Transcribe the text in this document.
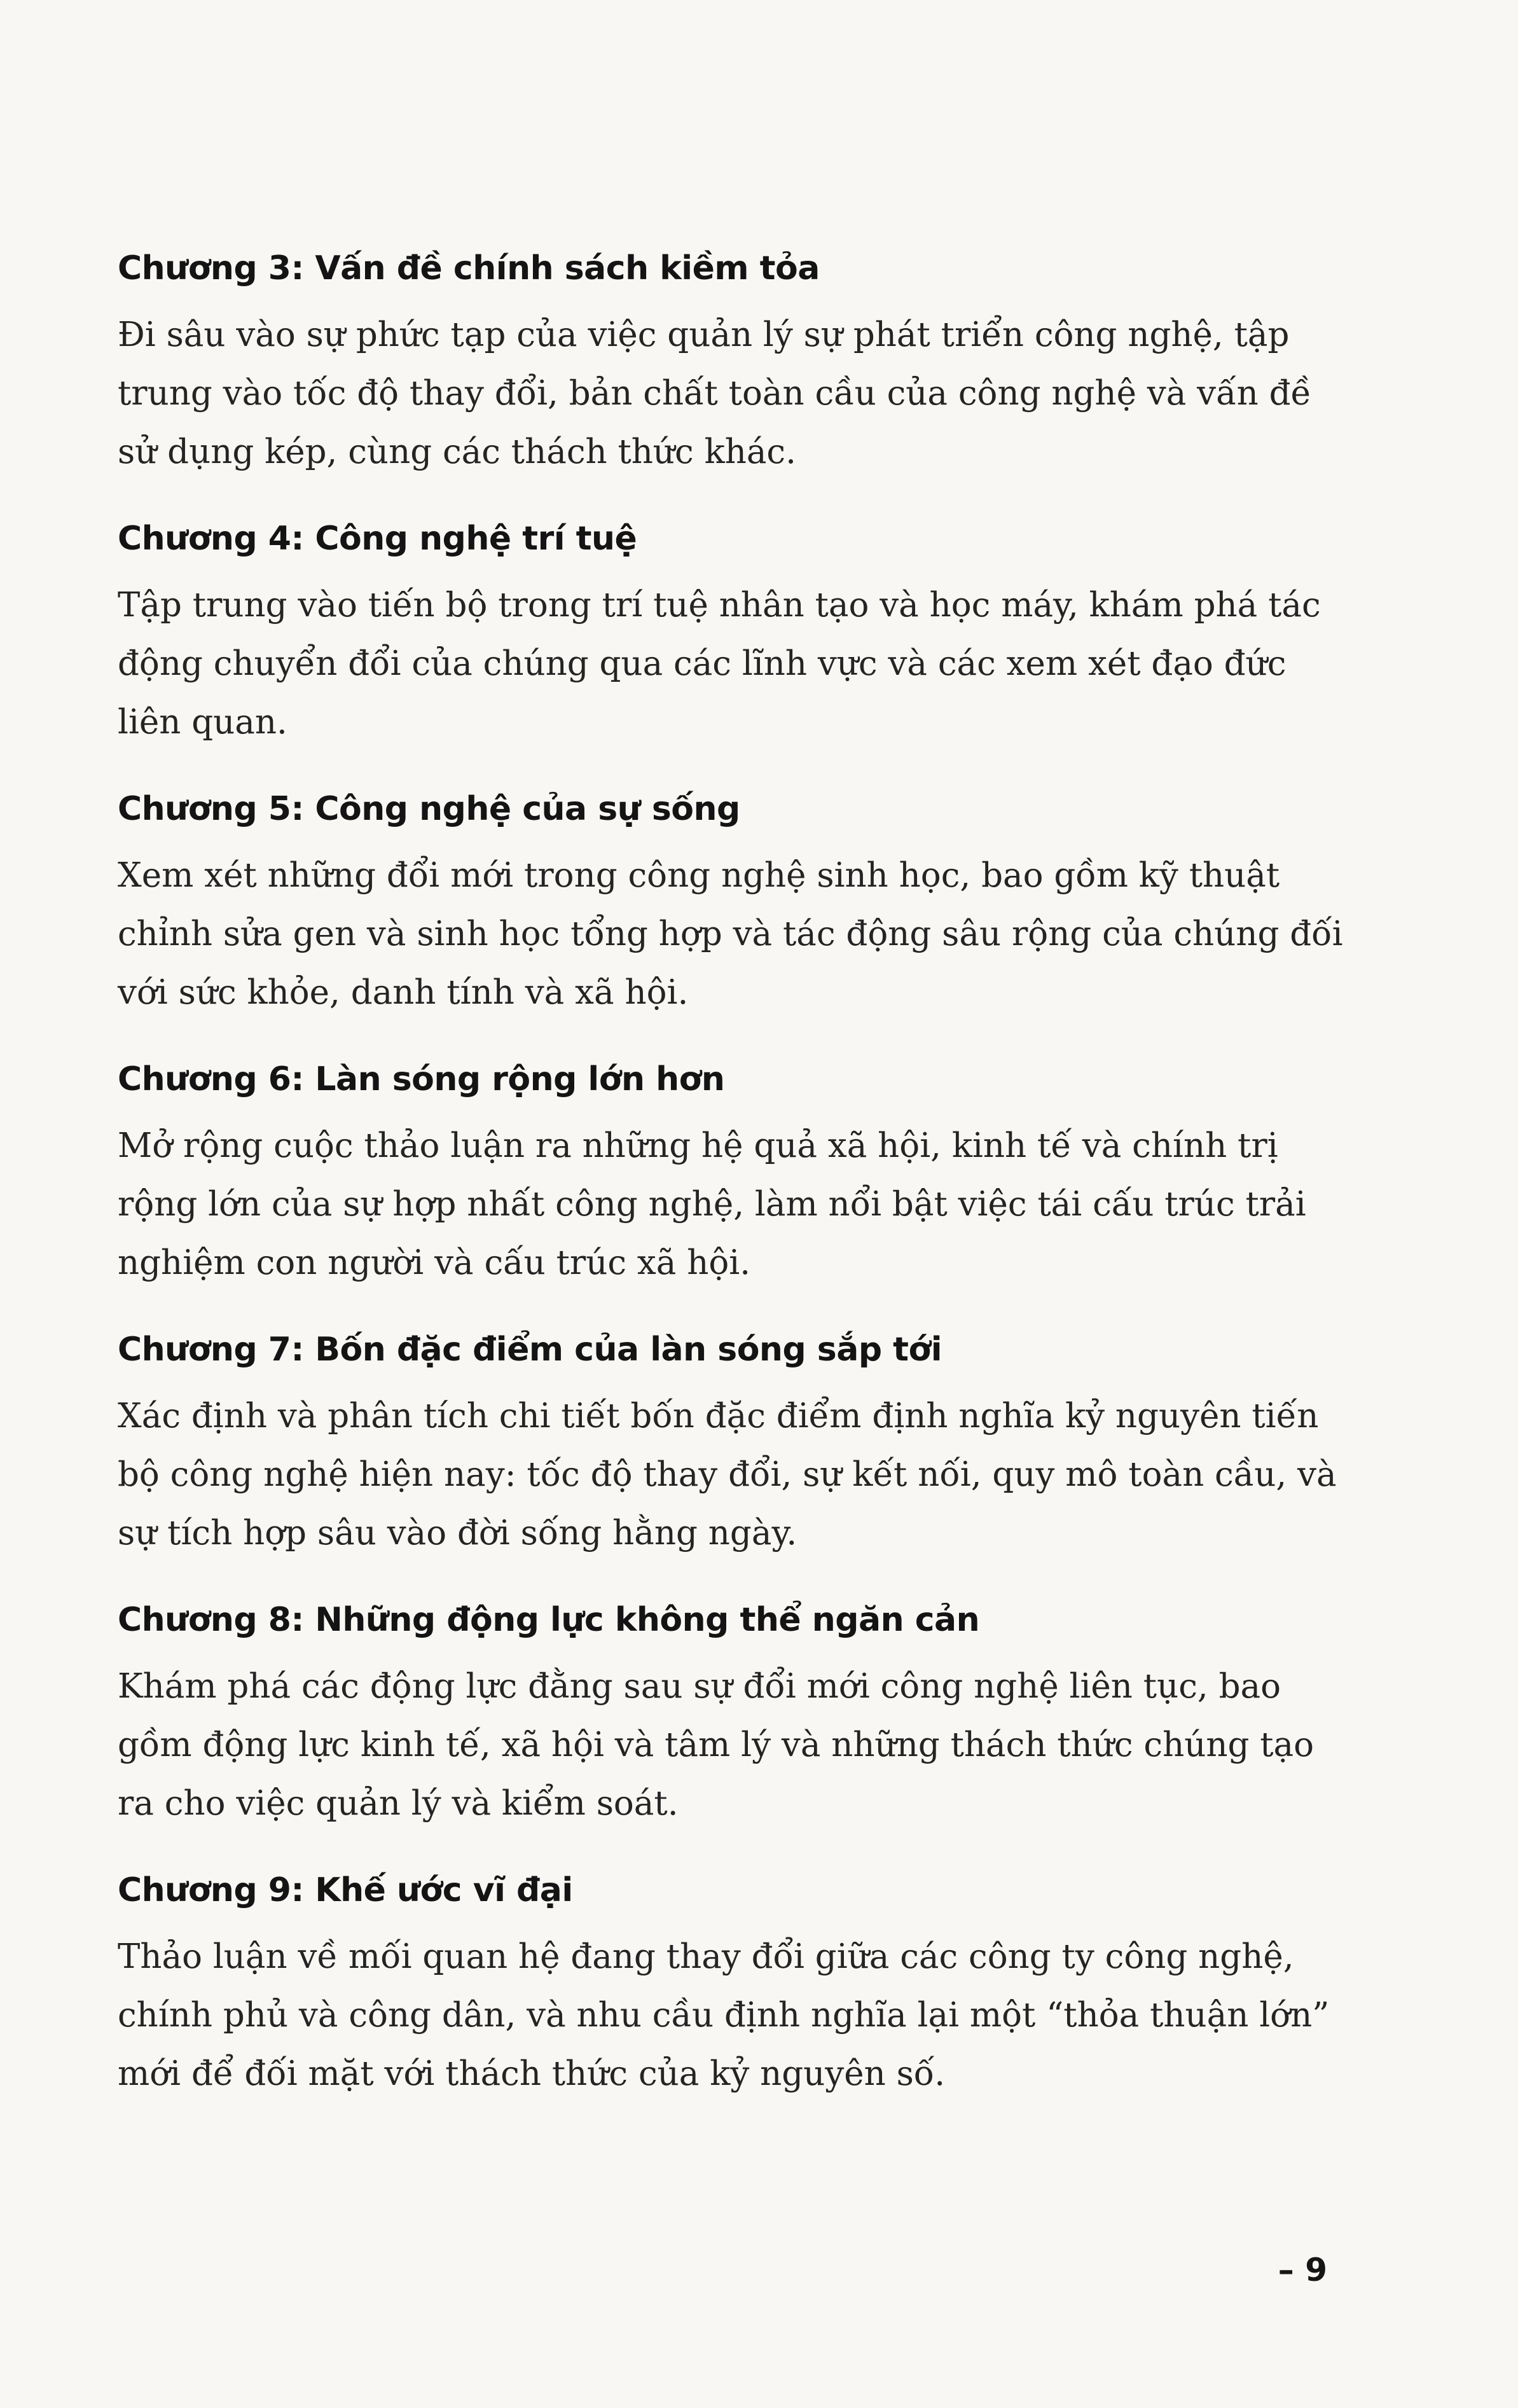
Chương 3: Vấn đề chính sách kiềm tỏa

Đi sâu vào sự phức tạp của việc quản lý sự phát triển công nghệ, tập trung vào tốc độ thay đổi, bản chất toàn cầu của công nghệ và vấn đề sử dụng kép, cùng các thách thức khác.

Chương 4: Công nghệ trí tuệ

Tập trung vào tiến bộ trong trí tuệ nhân tạo và học máy, khám phá tác động chuyển đổi của chúng qua các lĩnh vực và các xem xét đạo đức liên quan.

Chương 5: Công nghệ của sự sống

Xem xét những đổi mới trong công nghệ sinh học, bao gồm kỹ thuật chỉnh sửa gen và sinh học tổng hợp và tác động sâu rộng của chúng đối với sức khỏe, danh tính và xã hội.

Chương 6: Làn sóng rộng lớn hơn

Mở rộng cuộc thảo luận ra những hệ quả xã hội, kinh tế và chính trị rộng lớn của sự hợp nhất công nghệ, làm nổi bật việc tái cấu trúc trải nghiệm con người và cấu trúc xã hội.

Chương 7: Bốn đặc điểm của làn sóng sắp tới

Xác định và phân tích chi tiết bốn đặc điểm định nghĩa kỷ nguyên tiến bộ công nghệ hiện nay: tốc độ thay đổi, sự kết nối, quy mô toàn cầu, và sự tích hợp sâu vào đời sống hằng ngày.

Chương 8: Những động lực không thể ngăn cản

Khám phá các động lực đằng sau sự đổi mới công nghệ liên tục, bao gồm động lực kinh tế, xã hội và tâm lý và những thách thức chúng tạo ra cho việc quản lý và kiểm soát.

Chương 9: Khế ước vĩ đại

Thảo luận về mối quan hệ đang thay đổi giữa các công ty công nghệ, chính phủ và công dân, và nhu cầu định nghĩa lại một “thỏa thuận lớn” mới để đối mặt với thách thức của kỷ nguyên số.

– 9
